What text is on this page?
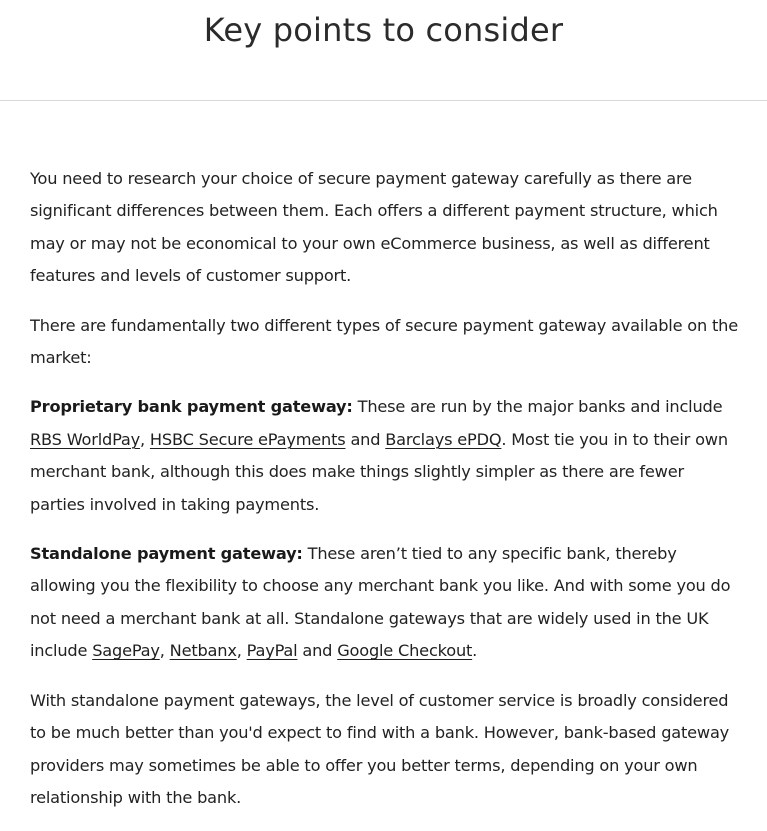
Key points to consider

You need to research your choice of secure payment gateway carefully as there are significant differences between them. Each offers a different payment structure, which may or may not be economical to your own eCommerce business, as well as different features and levels of customer support.

There are fundamentally two different types of secure payment gateway available on the market:

Proprietary bank payment gateway: These are run by the major banks and include RBS WorldPay, HSBC Secure ePayments and Barclays ePDQ. Most tie you in to their own merchant bank, although this does make things slightly simpler as there are fewer parties involved in taking payments.

Standalone payment gateway: These aren’t tied to any specific bank, thereby allowing you the flexibility to choose any merchant bank you like. And with some you do not need a merchant bank at all. Standalone gateways that are widely used in the UK include SagePay, Netbanx, PayPal and Google Checkout.

With standalone payment gateways, the level of customer service is broadly considered to be much better than you'd expect to find with a bank. However, bank-based gateway providers may sometimes be able to offer you better terms, depending on your own relationship with the bank.
